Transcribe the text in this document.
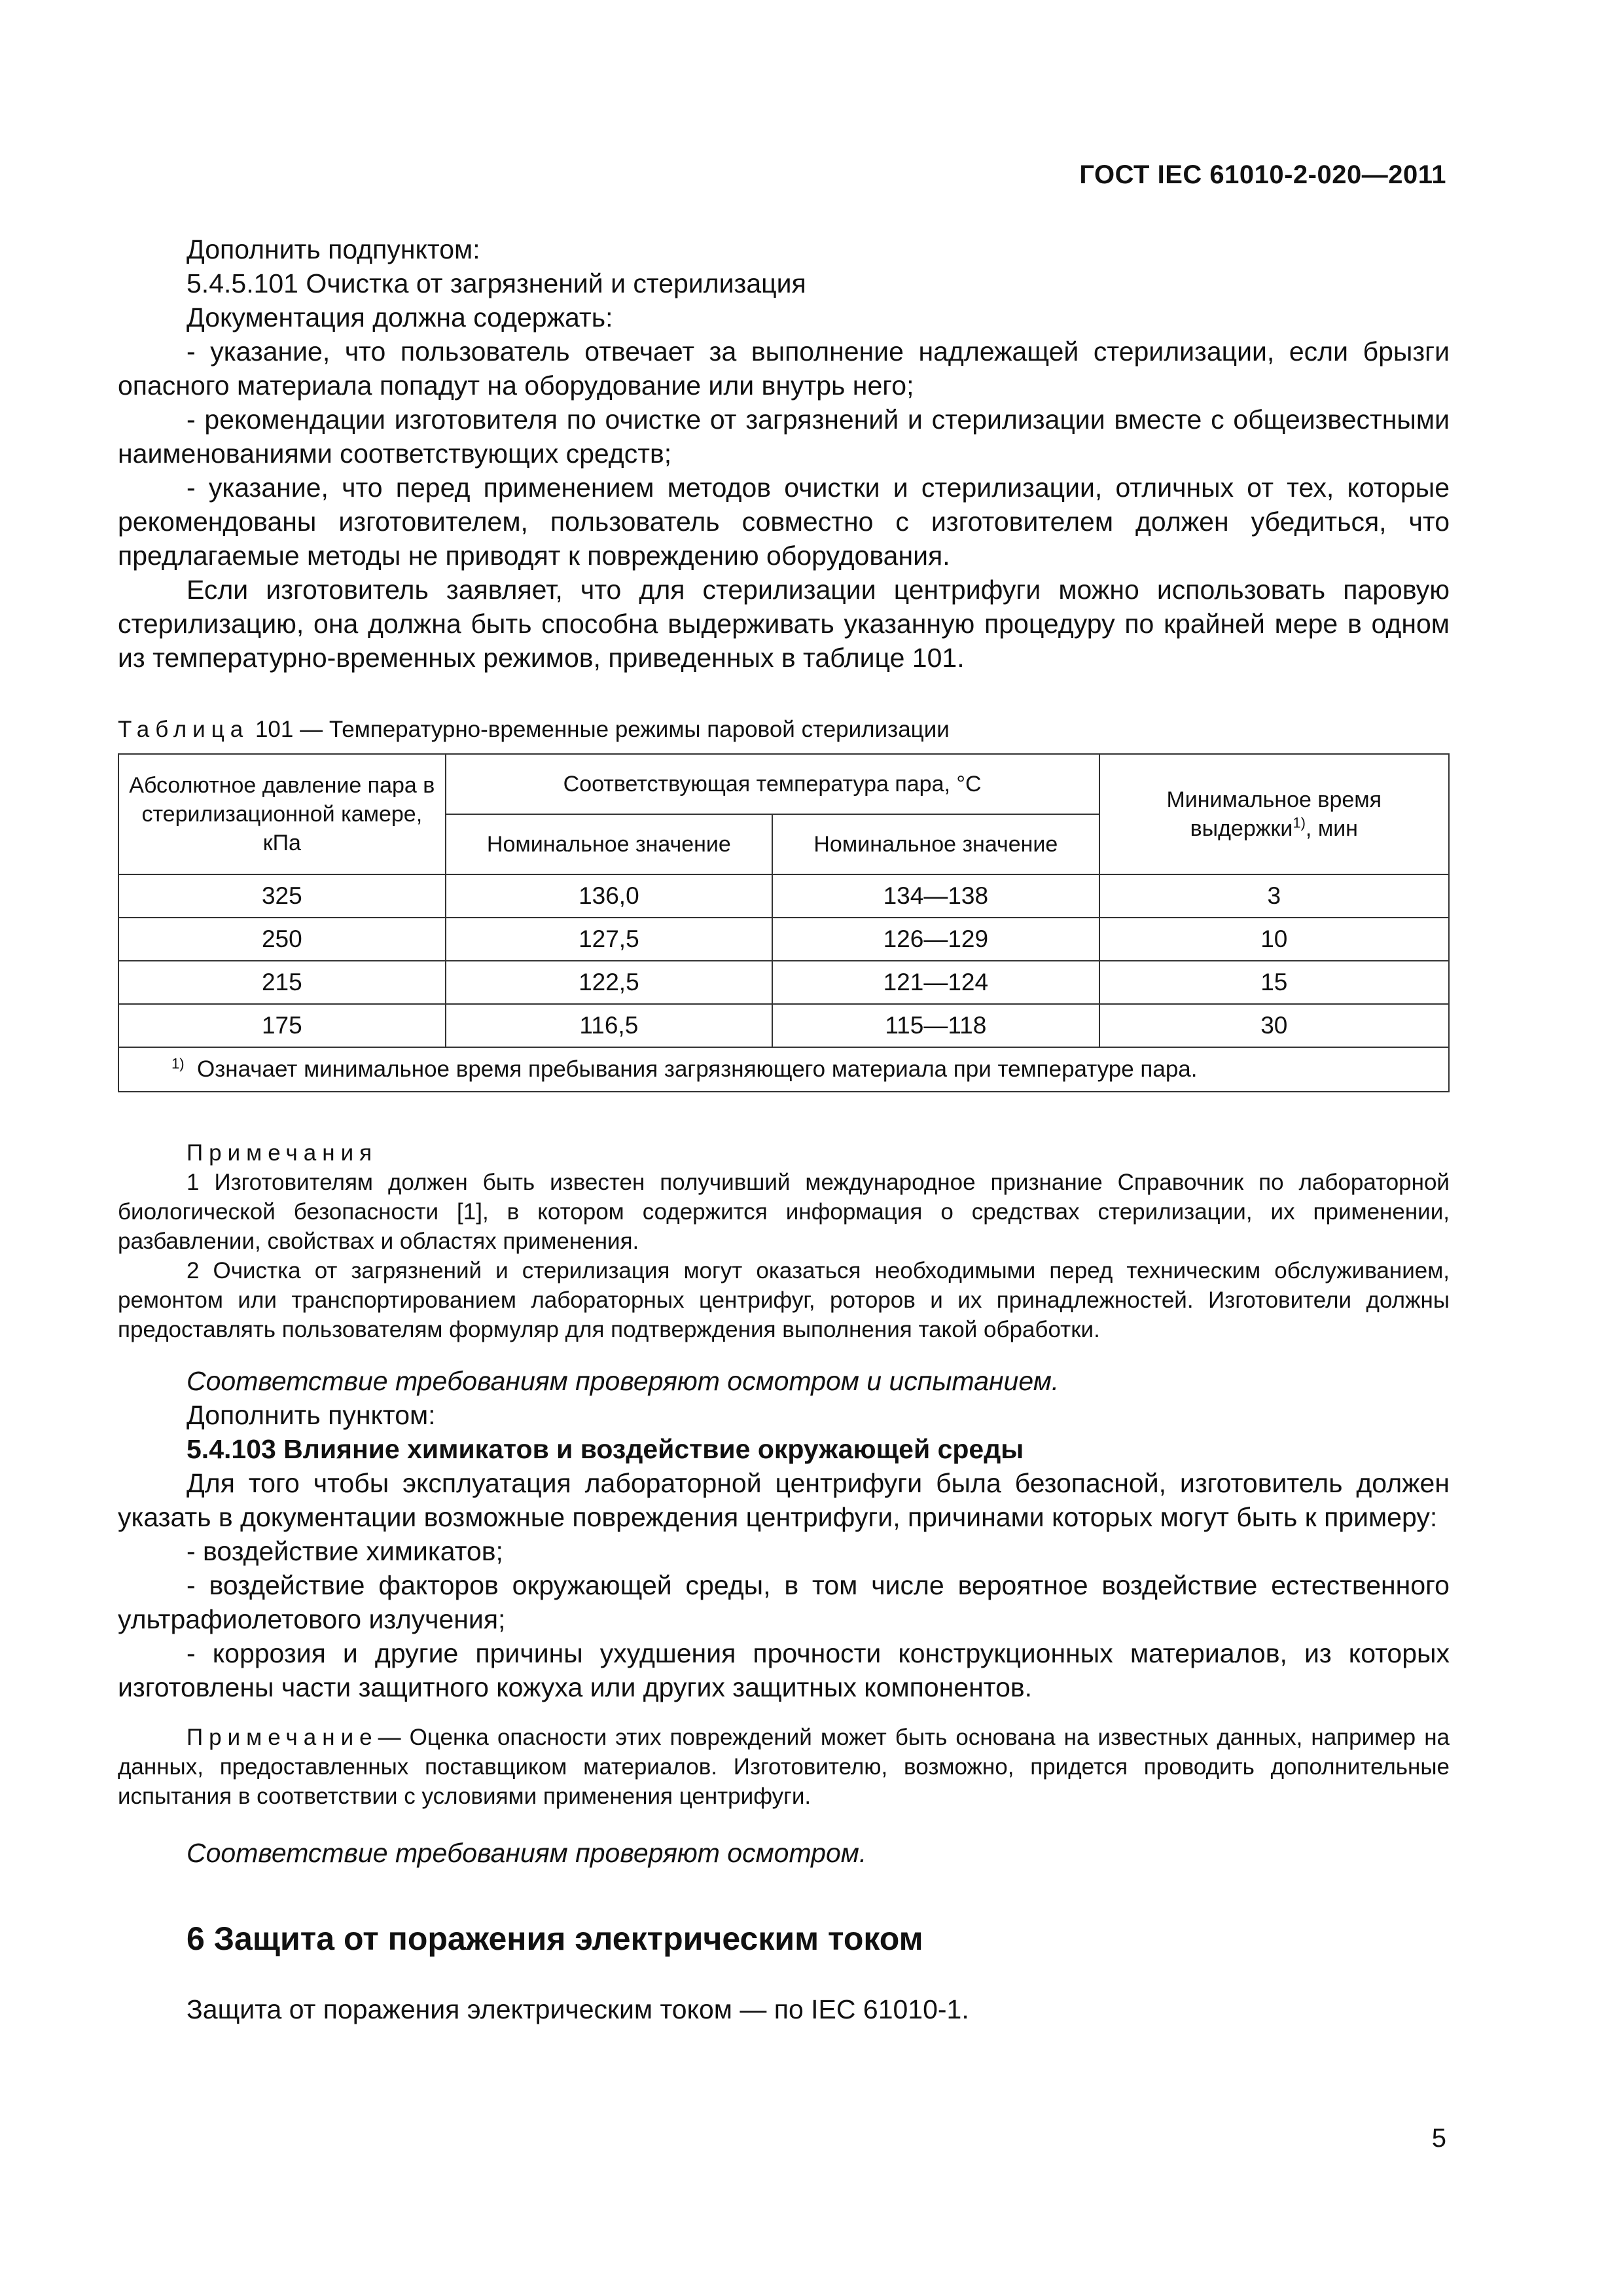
ГОСТ IEC 61010-2-020—2011

Дополнить подпунктом:

5.4.5.101 Очистка от загрязнений и стерилизация

Документация должна содержать:

- указание, что пользователь отвечает за выполнение надлежащей стерилизации, если брызги опасного материала попадут на оборудование или внутрь него;

- рекомендации изготовителя по очистке от загрязнений и стерилизации вместе с общеизвестными наименованиями соответствующих средств;

- указание, что перед применением методов очистки и стерилизации, отличных от тех, которые рекомендованы изготовителем, пользователь совместно с изготовителем должен убедиться, что предлагаемые методы не приводят к повреждению оборудования.

Если изготовитель заявляет, что для стерилизации центрифуги можно использовать паровую стерилизацию, она должна быть способна выдерживать указанную процедуру по крайней мере в одном из температурно-временных режимов, приведенных в таблице 101.

Таблица 101 — Температурно-временные режимы паровой стерилизации
Абсолютное давление пара в стерилизационной камере, кПа	Соответствующая температура пара, °С		Минимальное время выдержки$^{1)}$, мин
	Номинальное значение	Номинальное значение	
325	136,0	134—138	3
250	127,5	126—129	10
215	122,5	121—124	15
175	116,5	115—118	30
$^{1)}$ Означает минимальное время пребывания загрязняющего материала при температуре пара.			

Примечания

1 Изготовителям должен быть известен получивший международное признание Справочник по лабораторной биологической безопасности [1], в котором содержится информация о средствах стерилизации, их применении, разбавлении, свойствах и областях применения.

2 Очистка от загрязнений и стерилизация могут оказаться необходимыми перед техническим обслуживанием, ремонтом или транспортированием лабораторных центрифуг, роторов и их принадлежностей. Изготовители должны предоставлять пользователям формуляр для подтверждения выполнения такой обработки.

Соответствие требованиям проверяют осмотром и испытанием.

Дополнить пунктом:

5.4.103 Влияние химикатов и воздействие окружающей среды

Для того чтобы эксплуатация лабораторной центрифуги была безопасной, изготовитель должен указать в документации возможные повреждения центрифуги, причинами которых могут быть к примеру:

- воздействие химикатов;

- воздействие факторов окружающей среды, в том числе вероятное воздействие естественного ультрафиолетового излучения;

- коррозия и другие причины ухудшения прочности конструкционных материалов, из которых изготовлены части защитного кожуха или других защитных компонентов.

Примечание— Оценка опасности этих повреждений может быть основана на известных данных, например на данных, предоставленных поставщиком материалов. Изготовителю, возможно, придется проводить дополнительные испытания в соответствии с условиями применения центрифуги.

Соответствие требованиям проверяют осмотром.

6 Защита от поражения электрическим током

Защита от поражения электрическим током — по IEC 61010-1.

5
